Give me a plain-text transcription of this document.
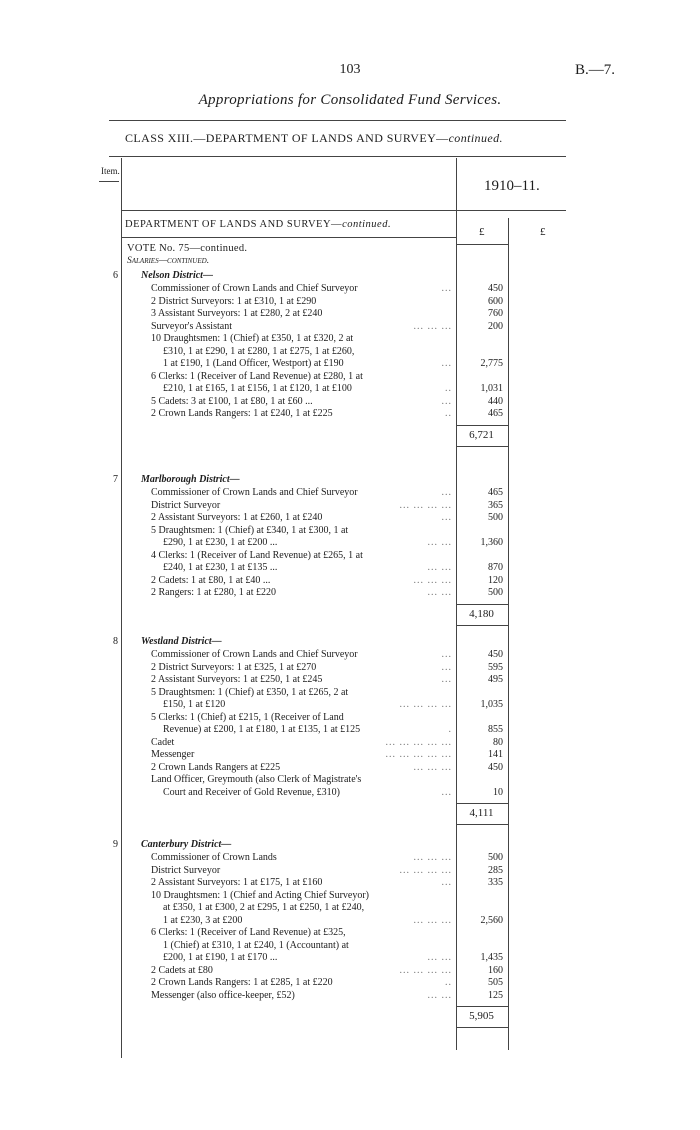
103	B.—7.
Appropriations for Consolidated Fund Services.
CLASS XIII.—DEPARTMENT OF LANDS AND SURVEY—continued.
Item.
1910–11.
DEPARTMENT OF LANDS AND SURVEY—continued.
£	£
VOTE No. 75—continued.
Salaries—continued.
6 Nelson District—
Commissioner of Crown Lands and Chief Surveyor	...	450
2 District Surveyors: 1 at £310, 1 at £290	600
3 Assistant Surveyors: 1 at £280, 2 at £240	760
Surveyor's Assistant	... ... ...	200
10 Draughtsmen: 1 (Chief) at £350, 1 at £320, 2 at
£310, 1 at £290, 1 at £280, 1 at £275, 1 at £260,
1 at £190, 1 (Land Officer, Westport) at £190	...	2,775
6 Clerks: 1 (Receiver of Land Revenue) at £280, 1 at
£210, 1 at £165, 1 at £156, 1 at £120, 1 at £100	..	1,031
5 Cadets: 3 at £100, 1 at £80, 1 at £60 ...	...	440
2 Crown Lands Rangers: 1 at £240, 1 at £225	..	465
6,721
7 Marlborough District—
Commissioner of Crown Lands and Chief Surveyor	...	465
District Surveyor	... ... ... ...	365
2 Assistant Surveyors: 1 at £260, 1 at £240	...	500
5 Draughtsmen: 1 (Chief) at £340, 1 at £300, 1 at
£290, 1 at £230, 1 at £200 ...	... ...	1,360
4 Clerks: 1 (Receiver of Land Revenue) at £265, 1 at
£240, 1 at £230, 1 at £135 ...	... ...	870
2 Cadets: 1 at £80, 1 at £40 ...	... ... ...	120
2 Rangers: 1 at £280, 1 at £220	... ...	500
4,180
8 Westland District—
Commissioner of Crown Lands and Chief Surveyor	...	450
2 District Surveyors: 1 at £325, 1 at £270	...	595
2 Assistant Surveyors: 1 at £250, 1 at £245	...	495
5 Draughtsmen: 1 (Chief) at £350, 1 at £265, 2 at
£150, 1 at £120	... ... ... ...	1,035
5 Clerks: 1 (Chief) at £215, 1 (Receiver of Land
Revenue) at £200, 1 at £180, 1 at £135, 1 at £125	.	855
Cadet	... ... ... ... ...	80
Messenger	... ... ... ... ...	141
2 Crown Lands Rangers at £225	... ... ...	450
Land Officer, Greymouth (also Clerk of Magistrate's
Court and Receiver of Gold Revenue, £310)	...	10
4,111
9 Canterbury District—
Commissioner of Crown Lands	... ... ...	500
District Surveyor	... ... ... ...	285
2 Assistant Surveyors: 1 at £175, 1 at £160	...	335
10 Draughtsmen: 1 (Chief and Acting Chief Surveyor)
at £350, 1 at £300, 2 at £295, 1 at £250, 1 at £240,
1 at £230, 3 at £200	... ... ...	2,560
6 Clerks: 1 (Receiver of Land Revenue) at £325,
1 (Chief) at £310, 1 at £240, 1 (Accountant) at
£200, 1 at £190, 1 at £170 ...	... ...	1,435
2 Cadets at £80	... ... ... ...	160
2 Crown Lands Rangers: 1 at £285, 1 at £220	..	505
Messenger (also office-keeper, £52)	... ...	125
5,905
